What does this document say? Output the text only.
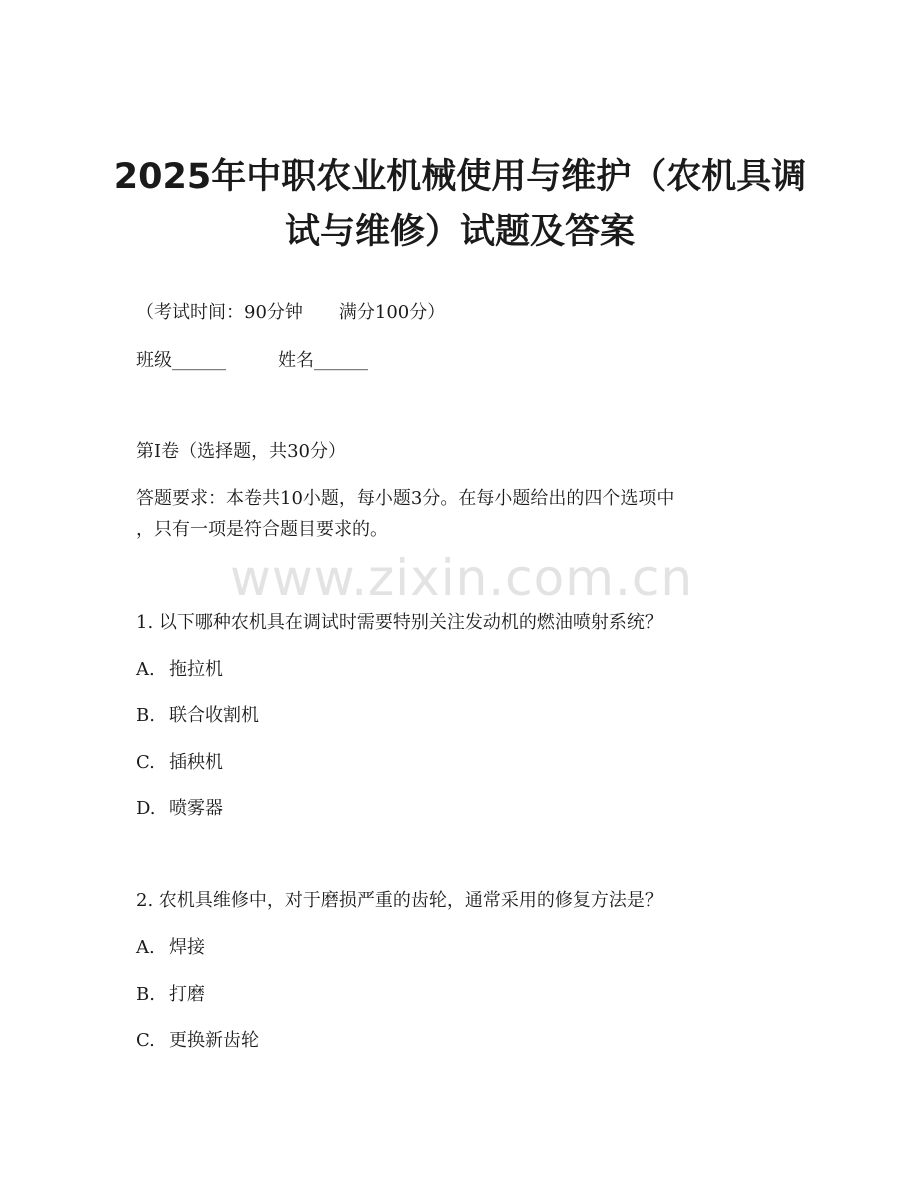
2025年中职农业机械使用与维护（农机具调
试与维修）试题及答案

（考试时间：90分钟 满分100分）

班级______	姓名______

第I卷（选择题，共30分）

答题要求：本卷共10小题，每小题3分。在每小题给出的四个选项中

，只有一项是符合题目要求的。

www.zixin.com.cn

1. 以下哪种农机具在调试时需要特别关注发动机的燃油喷射系统？

A. 拖拉机

B. 联合收割机

C. 插秧机

D. 喷雾器

2. 农机具维修中，对于磨损严重的齿轮，通常采用的修复方法是？

A. 焊接

B. 打磨

C. 更换新齿轮
